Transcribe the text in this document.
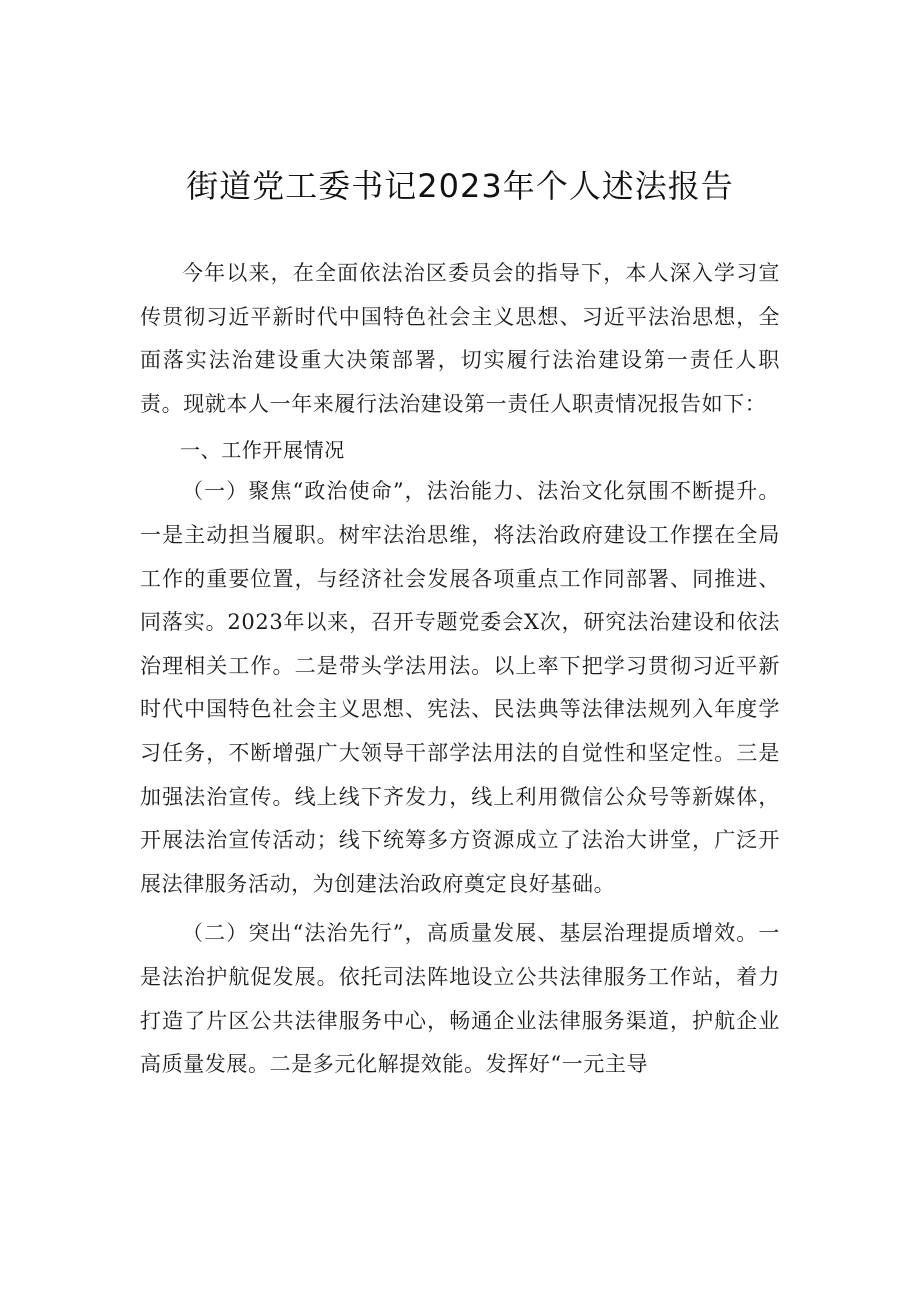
街道党工委书记2023年个人述法报告

今年以来，在全面依法治区委员会的指导下，本人深入学习宣传贯彻习近平新时代中国特色社会主义思想、习近平法治思想，全面落实法治建设重大决策部署，切实履行法治建设第一责任人职责。现就本人一年来履行法治建设第一责任人职责情况报告如下：

一、工作开展情况

（一）聚焦“政治使命”，法治能力、法治文化氛围不断提升。一是主动担当履职。树牢法治思维，将法治政府建设工作摆在全局工作的重要位置，与经济社会发展各项重点工作同部署、同推进、同落实。2023年以来，召开专题党委会X次，研究法治建设和依法治理相关工作。二是带头学法用法。以上率下把学习贯彻习近平新时代中国特色社会主义思想、宪法、民法典等法律法规列入年度学习任务，不断增强广大领导干部学法用法的自觉性和坚定性。三是加强法治宣传。线上线下齐发力，线上利用微信公众号等新媒体，开展法治宣传活动；线下统筹多方资源成立了法治大讲堂，广泛开展法律服务活动，为创建法治政府奠定良好基础。

（二）突出“法治先行”，高质量发展、基层治理提质增效。一是法治护航促发展。依托司法阵地设立公共法律服务工作站，着力打造了片区公共法律服务中心，畅通企业法律服务渠道，护航企业高质量发展。二是多元化解提效能。发挥好“一元主导
